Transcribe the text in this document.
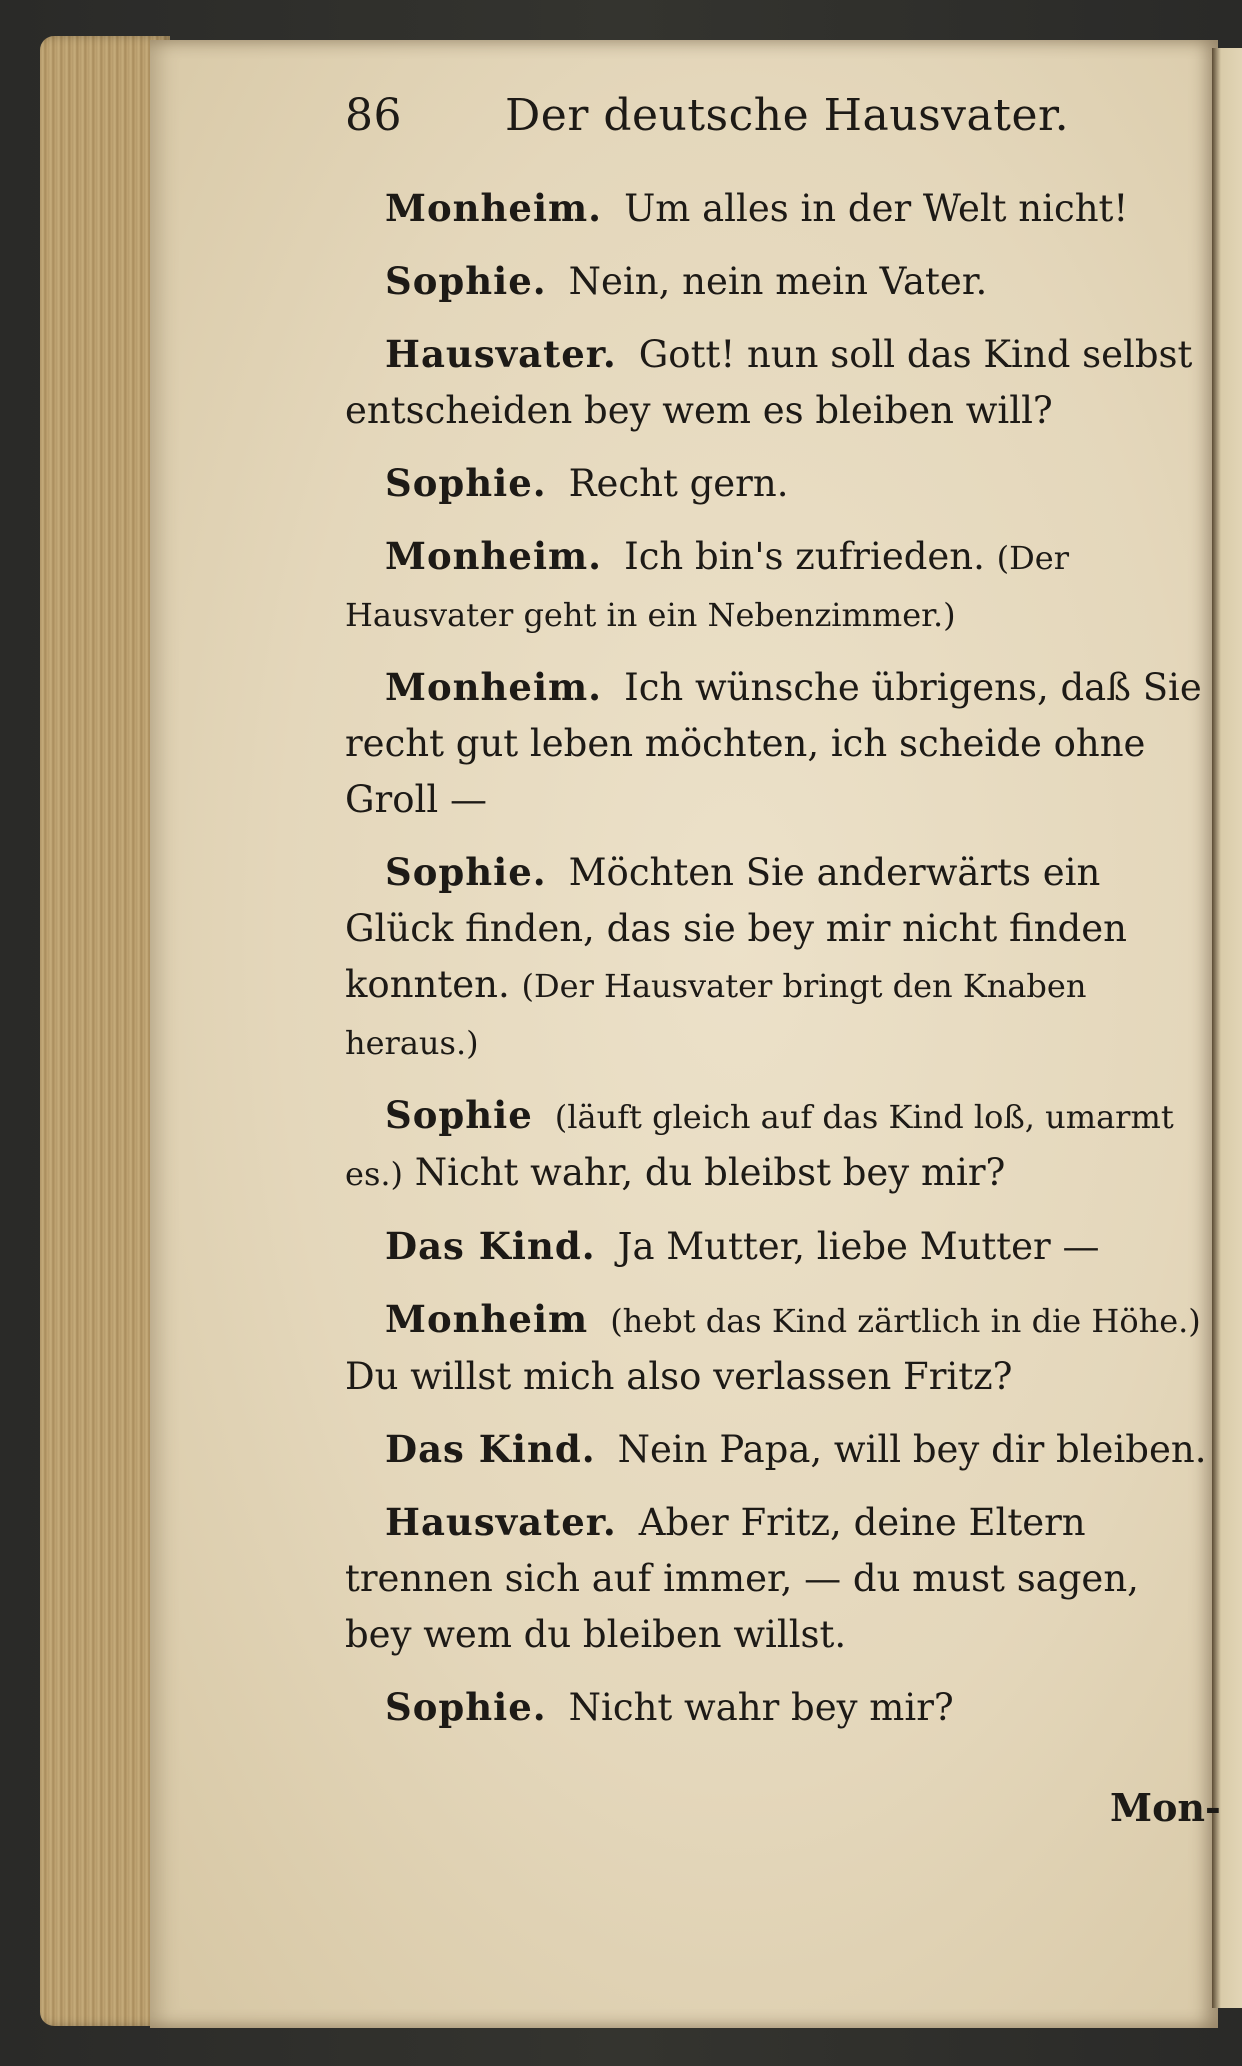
86	Der deutsche Hausvater.

Monheim. Um alles in der Welt nicht!

Sophie. Nein, nein mein Vater.

Hausvater. Gott! nun soll das Kind selbst entscheiden bey wem es bleiben will?

Sophie. Recht gern.

Monheim. Ich bin's zufrieden. (Der Hausvater geht in ein Nebenzimmer.)

Monheim. Ich wünsche übrigens, daß Sie recht gut leben möchten, ich scheide ohne Groll —

Sophie. Möchten Sie anderwärts ein Glück finden, das sie bey mir nicht finden konnten. (Der Hausvater bringt den Knaben heraus.)

Sophie (läuft gleich auf das Kind loß, umarmt es.) Nicht wahr, du bleibst bey mir?

Das Kind. Ja Mutter, liebe Mutter —

Monheim (hebt das Kind zärtlich in die Höhe.) Du willst mich also verlassen Fritz?

Das Kind. Nein Papa, will bey dir bleiben.

Hausvater. Aber Fritz, deine Eltern trennen sich auf immer, — du must sagen, bey wem du bleiben willst.

Sophie. Nicht wahr bey mir?

Mon-
